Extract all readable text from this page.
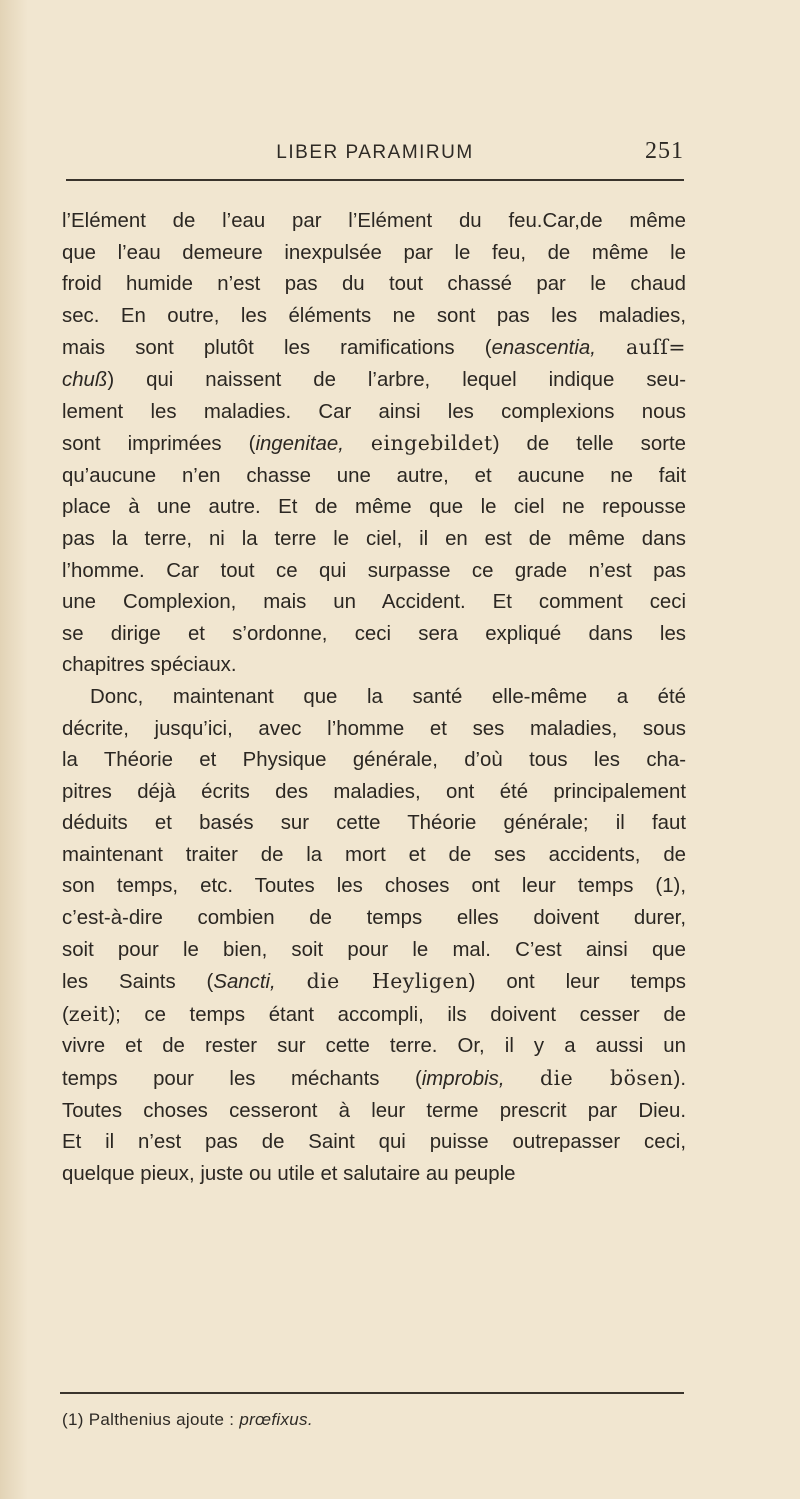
LIBER PARAMIRUM	251
l’Elément de l’eau par l’Elément du feu.Car,de même
que l’eau demeure inexpulsée par le feu, de même le
froid humide n’est pas du tout chassé par le chaud
sec. En outre, les éléments ne sont pas les maladies,
mais sont plutôt les ramifications (enascentia, auſſ=
chuß) qui naissent de l’arbre, lequel indique seu-
lement les maladies. Car ainsi les complexions nous
sont imprimées (ingenitae, eingebildet) de telle sorte
qu’aucune n’en chasse une autre, et aucune ne fait
place à une autre. Et de même que le ciel ne repousse
pas la terre, ni la terre le ciel, il en est de même dans
l’homme. Car tout ce qui surpasse ce grade n’est pas
une Complexion, mais un Accident. Et comment ceci
se dirige et s’ordonne, ceci sera expliqué dans les
chapitres spéciaux.
Donc, maintenant que la santé elle-même a été
décrite, jusqu’ici, avec l’homme et ses maladies, sous
la Théorie et Physique générale, d’où tous les cha-
pitres déjà écrits des maladies, ont été principalement
déduits et basés sur cette Théorie générale; il faut
maintenant traiter de la mort et de ses accidents, de
son temps, etc. Toutes les choses ont leur temps (1),
c’est-à-dire combien de temps elles doivent durer,
soit pour le bien, soit pour le mal. C’est ainsi que
les Saints (Sancti, die Heyligen) ont leur temps
(zeit); ce temps étant accompli, ils doivent cesser de
vivre et de rester sur cette terre. Or, il y a aussi un
temps pour les méchants (improbis, die bösen).
Toutes choses cesseront à leur terme prescrit par Dieu.
Et il n’est pas de Saint qui puisse outrepasser ceci,
quelque pieux, juste ou utile et salutaire au peuple
(1) Palthenius ajoute : prœfixus.
